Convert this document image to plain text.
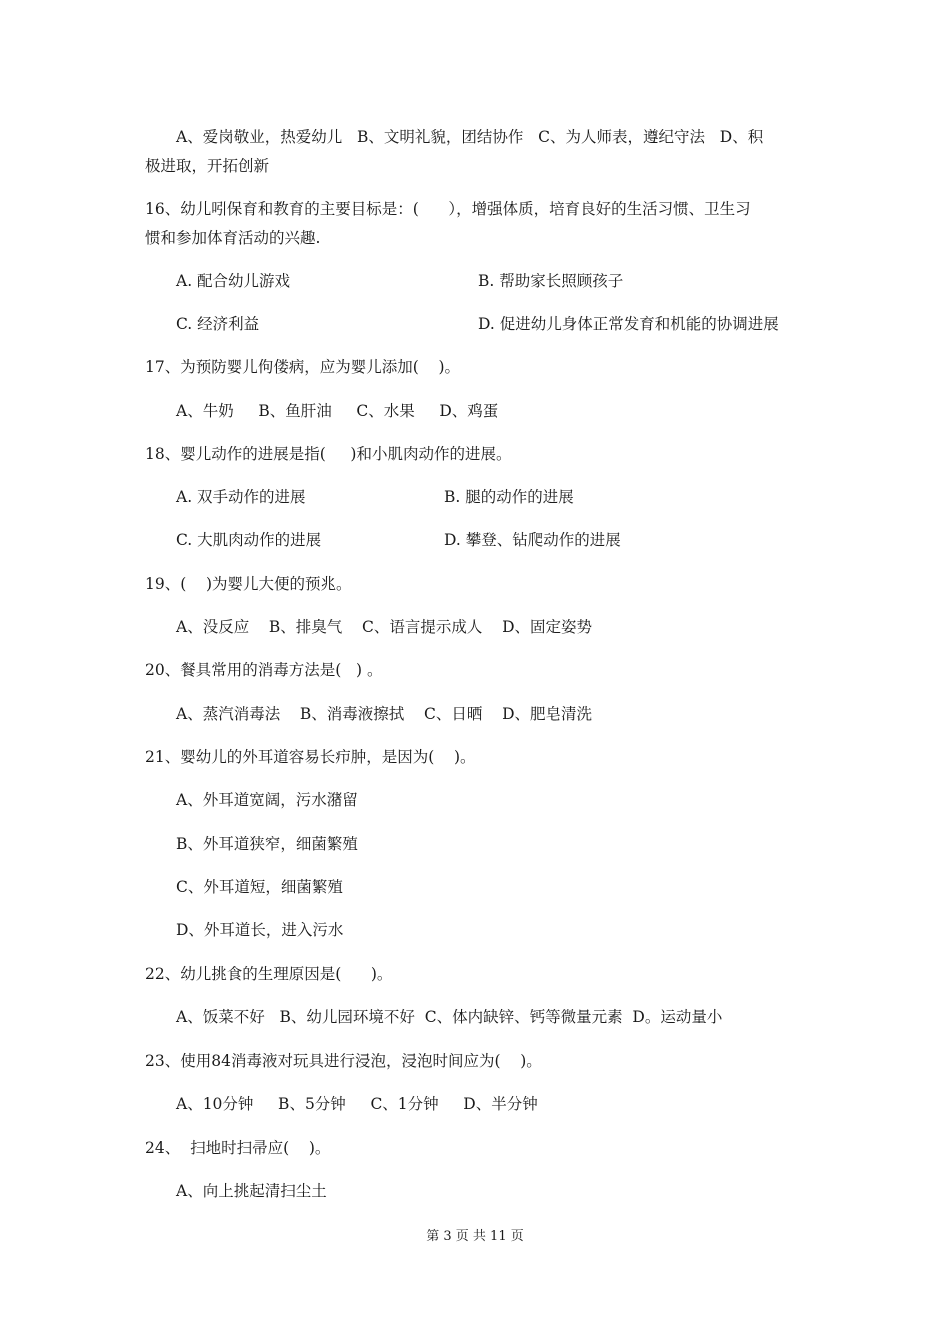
A、爱岗敬业，热爱幼儿   B、文明礼貌，团结协作   C、为人师表，遵纪守法   D、积
极进取，开拓创新
16、幼儿吲保育和教育的主要目标是：(      ），增强体质，培育良好的生活习惯、卫生习
惯和参加体育活动的兴趣.
A. 配合幼儿游戏	B. 帮助家长照顾孩子
C. 经济利益	D. 促进幼儿身体正常发育和机能的协调进展
17、为预防婴儿佝偻病，应为婴儿添加(    )。
A、牛奶     B、鱼肝油     C、水果     D、鸡蛋
18、婴儿动作的进展是指(     )和小肌肉动作的进展。
A. 双手动作的进展	B. 腿的动作的进展
C. 大肌肉动作的进展	D. 攀登、钻爬动作的进展
19、(    )为婴儿大便的预兆。
A、没反应    B、排臭气    C、语言提示成人    D、固定姿势
20、餐具常用的消毒方法是(   ) 。
A、蒸汽消毒法    B、消毒液擦拭    C、日晒    D、肥皂清洗
21、婴幼儿的外耳道容易长疖肿，是因为(    )。
A、外耳道宽阔，污水潴留
B、外耳道狭窄，细菌繁殖
C、外耳道短，细菌繁殖
D、外耳道长，进入污水
22、幼儿挑食的生理原因是(      )。
A、饭菜不好   B、幼儿园环境不好  C、体内缺锌、钙等微量元素  D。运动量小
23、使用84消毒液对玩具进行浸泡，浸泡时间应为(    )。
A、10分钟     B、5分钟     C、1分钟     D、半分钟
24、  扫地时扫帚应(    )。
A、向上挑起清扫尘土
第 3 页 共 11 页
